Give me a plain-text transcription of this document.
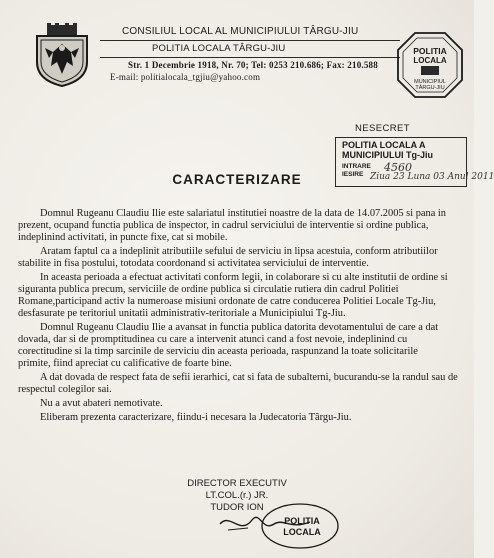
CONSILIUL LOCAL AL MUNICIPIULUI TÂRGU-JIU
POLITIA LOCALA TÂRGU-JIU
Str. 1 Decembrie 1918, Nr. 70; Tel: 0253 210.686; Fax: 210.588
E-mail: politialocala_tgjiu@yahoo.com
POLITIA
LOCALA
MUNICIPIUL
TÂRGU-JIU
NESECRET
POLITIA LOCALA A
MUNICIPIULUI Tg-Jiu
INTRARE
IESIRE
4560
Ziua 23 Luna 03 Anul 2011
CARACTERIZARE
Domnul Rugeanu Claudiu Ilie este salariatul institutiei noastre de la data de 14.07.2005 si pana in
prezent, ocupand functia publica de inspector, in cadrul serviciului de interventie si ordine publica,
indeplinind activitati, in puncte fixe, cat si mobile.
Aratam faptul ca a indeplinit atributiile sefului de serviciu in lipsa acestuia, conform atributiilor
stabilite in fisa postului, totodata coordonand si activitatea serviciului de interventie.
In aceasta perioada a efectuat activitati conform legii, in colaborare si cu alte institutii de ordine si
siguranta publica precum, serviciile de ordine publica si circulatie rutiera din cadrul Politiei
Romane,participand activ la numeroase misiuni ordonate de catre conducerea Politiei Locale Tg-Jiu,
desfasurate pe teritoriul unitatii administrativ-teritoriale a Municipiului Tg-Jiu.
Domnul Rugeanu Claudiu Ilie a avansat in functia publica datorita devotamentului de care a dat
dovada, dar si de promptitudinea cu care a intervenit atunci cand a fost nevoie, indeplinind cu
corectitudine si la timp sarcinile de serviciu din aceasta perioada, raspunzand la toate solicitarile
primite, fiind apreciat cu calificative de foarte bine.
A dat dovada de respect fata de sefii ierarhici, cat si fata de subalterni, bucurandu-se la randul sau de
respectul colegilor sai.
Nu a avut abateri nemotivate.
Eliberam prezenta caracterizare, fiindu-i necesara la Judecatoria Târgu-Jiu.
DIRECTOR EXECUTIV
LT.COL.(r.) JR.
TUDOR ION
POLITIA
LOCALA
